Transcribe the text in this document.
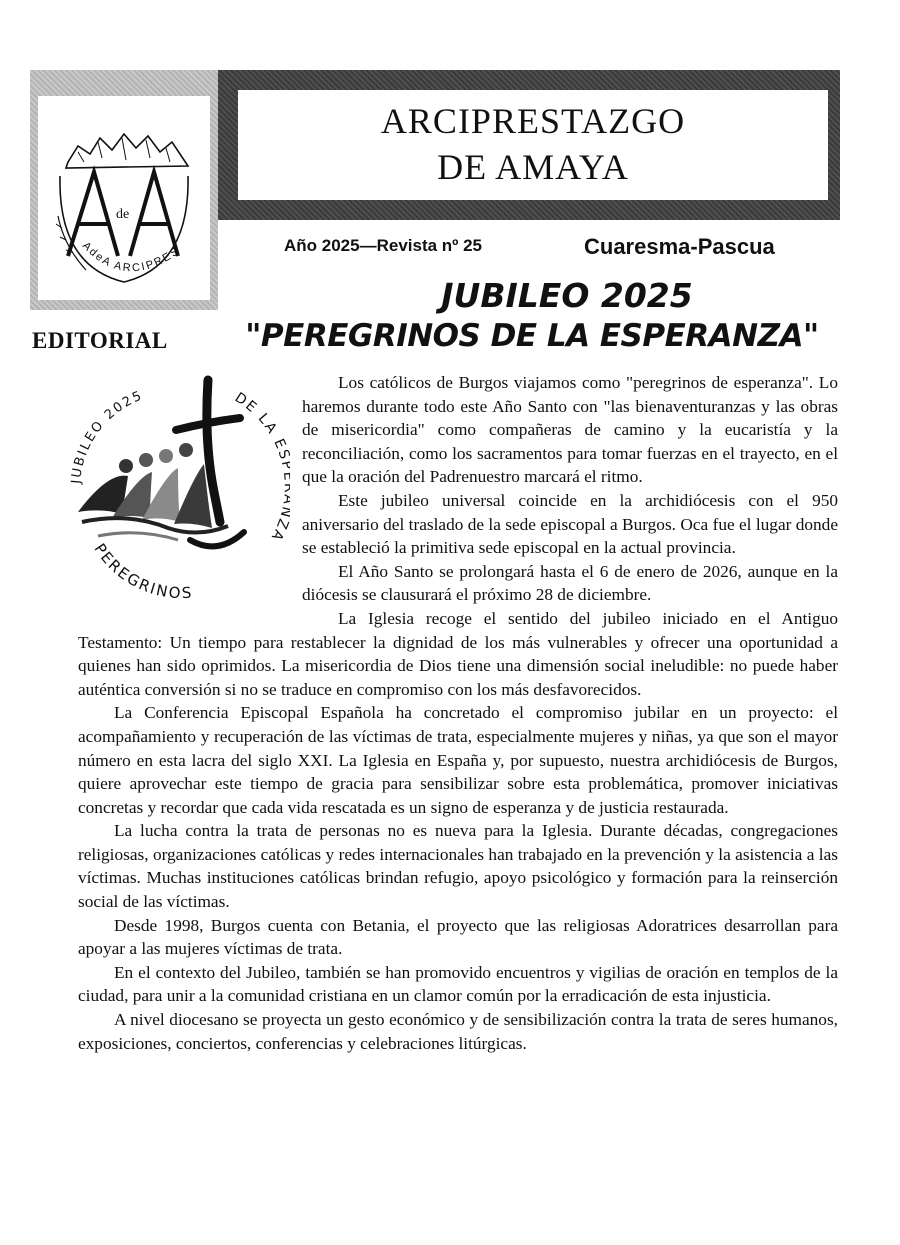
de
AdeA ARCIPRES
ARCIPRESTAZGO
DE AMAYA
Año 2025—Revista nº 25	Cuaresma-Pascua
JUBILEO 2025
"PEREGRINOS DE LA ESPERANZA"
EDITORIAL
JUBILEO 2025	DE LA E ZA
PEREGRINOS

Los católicos de Burgos viajamos como "peregrinos de esperanza". Lo haremos durante todo este Año Santo con "las bienaventuranzas y las obras de misericordia" como compañeras de camino y la eucaristía y la reconciliación, como los sacramentos para tomar fuerzas en el trayecto, en el que la oración del Padrenuestro marcará el ritmo.

Este jubileo universal coincide en la archidiócesis con el 950 aniversario del traslado de la sede episcopal a Burgos. Oca fue el lugar donde se estableció la primitiva sede episcopal en la actual provincia.

El Año Santo se prolongará hasta el 6 de enero de 2026, aunque en la diócesis se clausurará el próximo 28 de diciembre.

La Iglesia recoge el sentido del jubileo iniciado en el Antiguo Testamento: Un tiempo para restablecer la dignidad de los más vulnerables y ofrecer una oportunidad a quienes han sido oprimidos. La misericordia de Dios tiene una dimensión social ineludible: no puede haber auténtica conversión si no se traduce en compromiso con los más desfavorecidos.

La Conferencia Episcopal Española ha concretado el compromiso jubilar en un proyecto: el acompañamiento y recuperación de las víctimas de trata, especialmente mujeres y niñas, ya que son el mayor número en esta lacra del siglo XXI. La Iglesia en España y, por supuesto, nuestra archidiócesis de Burgos, quiere aprovechar este tiempo de gracia para sensibilizar sobre esta problemática, promover iniciativas concretas y recordar que cada vida rescatada es un signo de esperanza y de justicia restaurada.

La lucha contra la trata de personas no es nueva para la Iglesia. Durante décadas, congregaciones religiosas, organizaciones católicas y redes internacionales han trabajado en la prevención y la asistencia a las víctimas. Muchas instituciones católicas brindan refugio, apoyo psicológico y formación para la reinserción social de las víctimas.

Desde 1998, Burgos cuenta con Betania, el proyecto que las religiosas Adoratrices desarrollan para apoyar a las mujeres víctimas de trata.

En el contexto del Jubileo, también se han promovido encuentros y vigilias de oración en templos de la ciudad, para unir a la comunidad cristiana en un clamor común por la erradicación de esta injusticia.

A nivel diocesano se proyecta un gesto económico y de sensibilización contra la trata de seres humanos, exposiciones, conciertos, conferencias y celebraciones litúrgicas.
